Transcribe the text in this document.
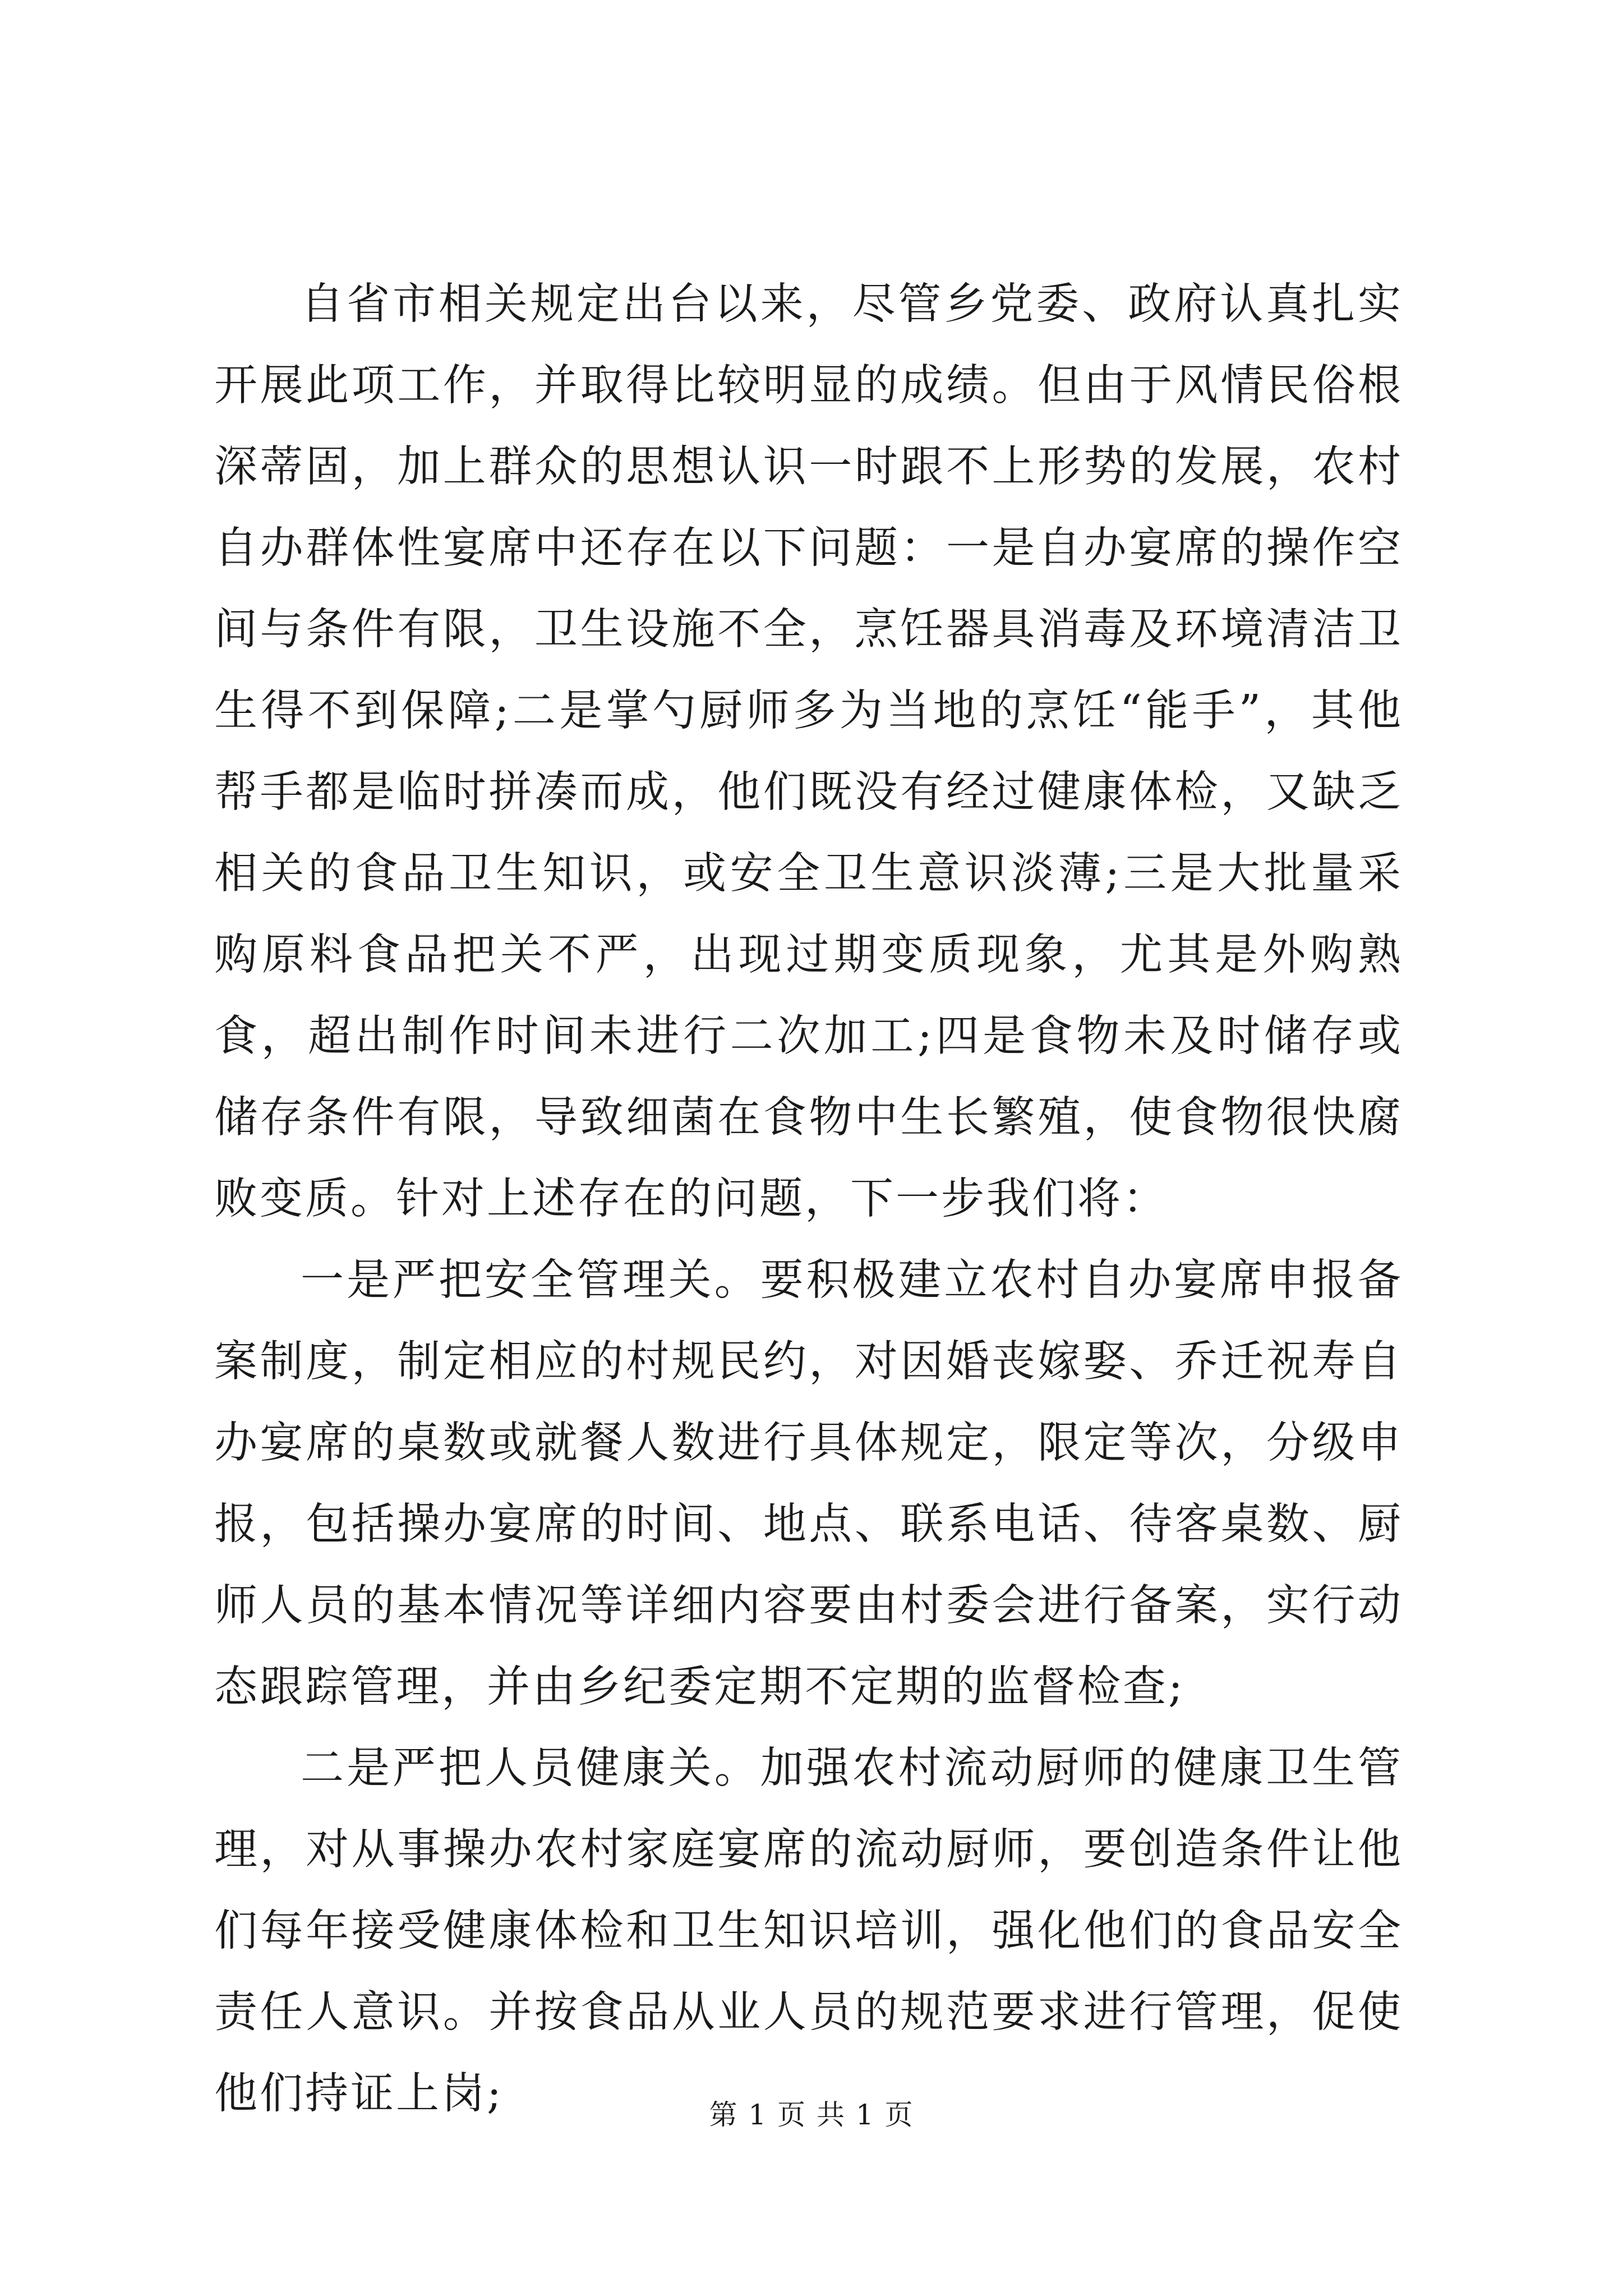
自省市相关规定出台以来，尽管乡党委、政府认真扎实开展此项工作，并取得比较明显的成绩。但由于风情民俗根深蒂固，加上群众的思想认识一时跟不上形势的发展，农村自办群体性宴席中还存在以下问题：一是自办宴席的操作空间与条件有限，卫生设施不全，烹饪器具消毒及环境清洁卫生得不到保障;二是掌勺厨师多为当地的烹饪“能手”，其他帮手都是临时拼凑而成，他们既没有经过健康体检，又缺乏相关的食品卫生知识，或安全卫生意识淡薄;三是大批量采购原料食品把关不严，出现过期变质现象，尤其是外购熟食，超出制作时间未进行二次加工;四是食物未及时储存或储存条件有限，导致细菌在食物中生长繁殖，使食物很快腐败变质。针对上述存在的问题，下一步我们将：

一是严把安全管理关。要积极建立农村自办宴席申报备案制度，制定相应的村规民约，对因婚丧嫁娶、乔迁祝寿自办宴席的桌数或就餐人数进行具体规定，限定等次，分级申报，包括操办宴席的时间、地点、联系电话、待客桌数、厨师人员的基本情况等详细内容要由村委会进行备案，实行动态跟踪管理，并由乡纪委定期不定期的监督检查;

二是严把人员健康关。加强农村流动厨师的健康卫生管理，对从事操办农村家庭宴席的流动厨师，要创造条件让他们每年接受健康体检和卫生知识培训，强化他们的食品安全责任人意识。并按食品从业人员的规范要求进行管理，促使他们持证上岗;	第 1 页 共 1 页
